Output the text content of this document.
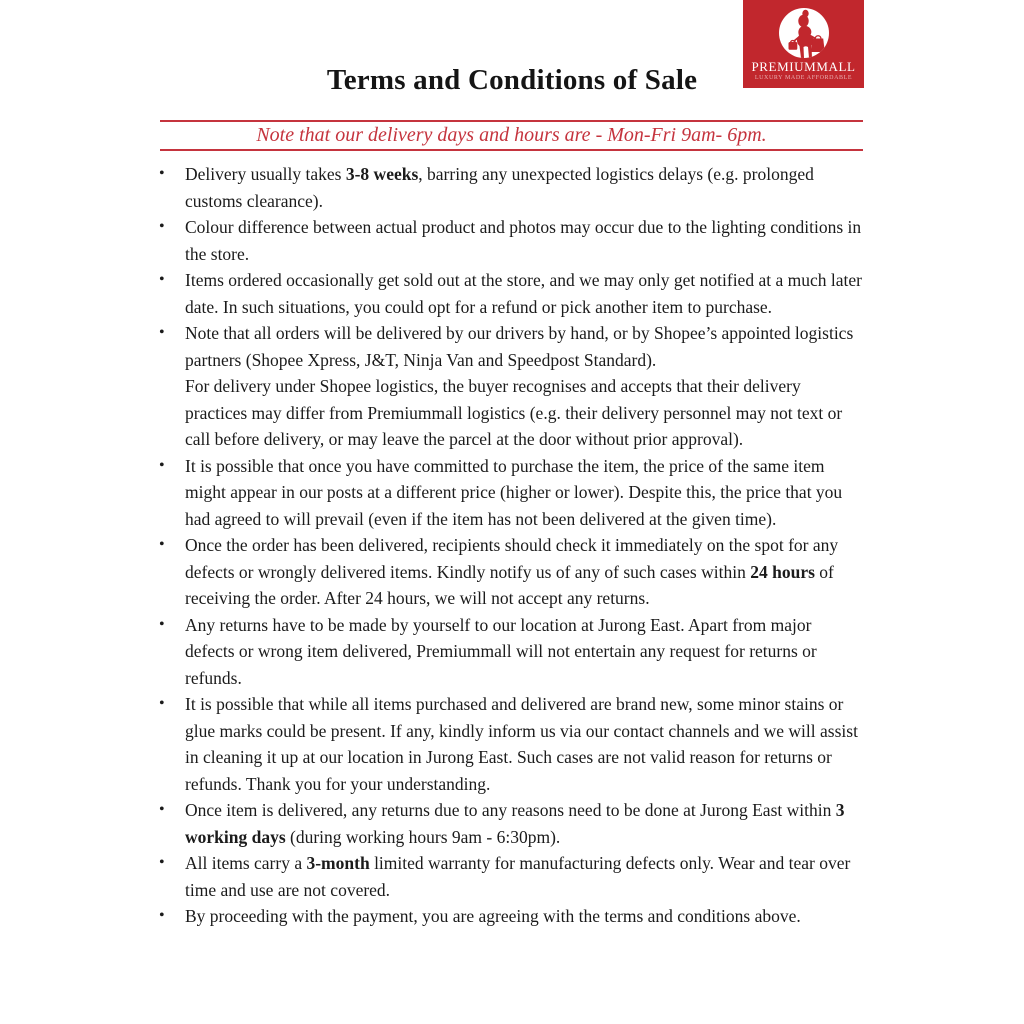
PREMIUMMALL
LUXURY MADE AFFORDABLE
Terms and Conditions of Sale
Note that our delivery days and hours are - Mon-Fri 9am- 6pm.
• Delivery usually takes 3-8 weeks, barring any unexpected logistics delays (e.g. prolonged customs clearance).
• Colour difference between actual product and photos may occur due to the lighting conditions in the store.
• Items ordered occasionally get sold out at the store, and we may only get notified at a much later date. In such situations, you could opt for a refund or pick another item to purchase.
• Note that all orders will be delivered by our drivers by hand, or by Shopee’s appointed logistics partners (Shopee Xpress, J&T, Ninja Van and Speedpost Standard).
For delivery under Shopee logistics, the buyer recognises and accepts that their delivery practices may differ from Premiummall logistics (e.g. their delivery personnel may not text or call before delivery, or may leave the parcel at the door without prior approval).
• It is possible that once you have committed to purchase the item, the price of the same item might appear in our posts at a different price (higher or lower). Despite this, the price that you had agreed to will prevail (even if the item has not been delivered at the given time).
• Once the order has been delivered, recipients should check it immediately on the spot for any defects or wrongly delivered items. Kindly notify us of any of such cases within 24 hours of receiving the order. After 24 hours, we will not accept any returns.
• Any returns have to be made by yourself to our location at Jurong East. Apart from major defects or wrong item delivered, Premiummall will not entertain any request for returns or refunds.
• It is possible that while all items purchased and delivered are brand new, some minor stains or glue marks could be present. If any, kindly inform us via our contact channels and we will assist in cleaning it up at our location in Jurong East. Such cases are not valid reason for returns or refunds. Thank you for your understanding.
• Once item is delivered, any returns due to any reasons need to be done at Jurong East within 3 working days (during working hours 9am - 6:30pm).
• All items carry a 3-month limited warranty for manufacturing defects only. Wear and tear over time and use are not covered.
• By proceeding with the payment, you are agreeing with the terms and conditions above.
